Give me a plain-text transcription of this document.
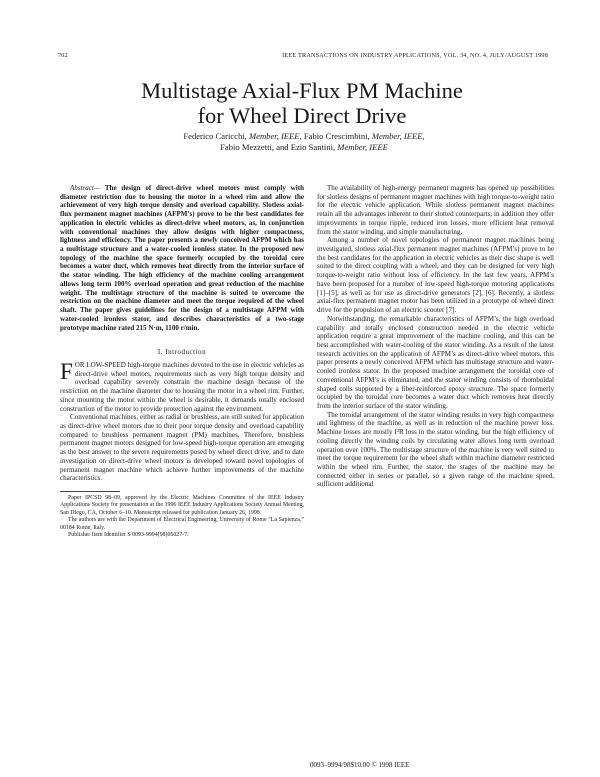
702	IEEE TRANSACTIONS ON INDUSTRY APPLICATIONS, VOL. 34, NO. 4, JULY/AUGUST 1998
Multistage Axial-Flux PM Machine
for Wheel Direct Drive
Federico Caricchi, Member, IEEE, Fabio Crescimbini, Member, IEEE,
Fabio Mezzetti, and Ezio Santini, Member, IEEE

Abstract— The design of direct-drive wheel motors must comply with diameter restriction due to housing the motor in a wheel rim and allow the achievement of very high torque density and overload capability. Slotless axial-flux permanent magnet machines (AFPM’s) prove to be the best candidates for application in electric vehicles as direct-drive wheel motors, as, in conjunction with conventional machines they allow designs with higher compactness, lightness and efficiency. The paper presents a newly conceived AFPM which has a multistage structure and a water-cooled ironless stator. In the proposed new topology of the machine the space formerly occupied by the toroidal core becomes a water duct, which removes heat directly from the interior surface of the stator winding. The high efficiency of the machine cooling arrangement allows long term 100% overload operation and great reduction of the machine weight. The multistage structure of the machine is suited to overcome the restriction on the machine diameter and meet the torque required of the wheel shaft. The paper gives guidelines for the design of a multistage AFPM with water-cooled ironless stator, and describes characteristics of a two-stage prototype machine rated 215 N·m, 1100 r/min.

I. Introduction

FOR LOW-SPEED high-torque machines devoted to the use in electric vehicles as direct-drive wheel motors, requirements such as very high torque density and overload capability severely constrain the machine design because of the restriction on the machine diameter due to housing the motor in a wheel rim. Further, since mounting the motor within the wheel is desirable, it demands totally enclosed construction of the motor to provide protection against the environment.

Conventional machines, either as radial or brushless, are still suited for application as direct-drive wheel motors due to their poor torque density and overload capability compared to brushless permanent magnet (PM) machines. Therefore, brushless permanent magnet motors designed for low-speed high-torque operation are emerging as the best answer to the severe requirements posed by wheel direct drive, and to date investigation on direct-drive wheel motors is developed toward novel topologies of permanent magnet machine which achieve further improvements of the machine characteristics.

Paper IPCSD 98–09, approved by the Electric Machines Committee of the IEEE Industry Applications Society for presentation at the 1996 IEEE Industry Applications Society Annual Meeting, San Diego, CA, October 6–10. Manuscript released for publication January 26, 1998.

The authors are with the Department of Electrical Engineering, University of Rome “La Sapienza,” 00184 Rome, Italy.

Publisher Item Identifier S 0093-9994(98)05027-7.

The availability of high-energy permanent magnets has opened up possibilities for slotless designs of permanent magnet machines with high torque-to-weight ratio for the electric vehicle application. While slotless permanent magnet machines retain all the advantages inherent to their slotted counterparts, in addition they offer improvements in torque ripple, reduced iron losses, more efficient heat removal from the stator winding, and simple manufacturing.

Among a number of novel topologies of permanent magnet machines being investigated, slotless axial-flux permanent magnet machines (AFPM’s) prove to be the best candidates for the application in electric vehicles as their disc shape is well suited to the direct coupling with a wheel, and they can be designed for very high torque-to-weight ratio without loss of efficiency. In the last few years, AFPM’s have been proposed for a number of low-speed high-torque motoring applications [1]–[5], as well as for use as direct-drive generators [2], [6]. Recently, a slotless axial-flux permanent magnet motor has been utilized in a prototype of wheel direct drive for the propulsion of an electric scooter [7].

Notwithstanding, the remarkable characteristics of AFPM’s, the high overload capability and totally enclosed construction needed in the electric vehicle application require a great improvement of the machine cooling, and this can be best accomplished with water-cooling of the stator winding. As a result of the latest research activities on the application of AFPM’s as direct-drive wheel motors, this paper presents a newly conceived AFPM which has multistage structure and water-cooled ironless stator. In the proposed machine arrangement the toroidal core of conventional AFPM’s is eliminated, and the stator winding consists of rhomboidal shaped coils supported by a fiber-reinforced epoxy structure. The space formerly occupied by the toroidal core becomes a water duct which removes heat directly from the interior surface of the stator winding.

The toroidal arrangement of the stator winding results in very high compactness and lightness of the machine, as well as in reduction of the machine power loss. Machine losses are mostly I²R loss in the stator winding, but the high efficiency of cooling directly the winding coils by circulating water allows long term overload operation over 100%. The multistage structure of the machine is very well suited to meet the torque requirement for the wheel shaft within machine diameter restricted within the wheel rim. Further, the stator, the stages of the machine may be connected either in series or parallel, so a given range of the machine speed, sufficient additional

0093–9994/98$10.00 © 1998 IEEE
